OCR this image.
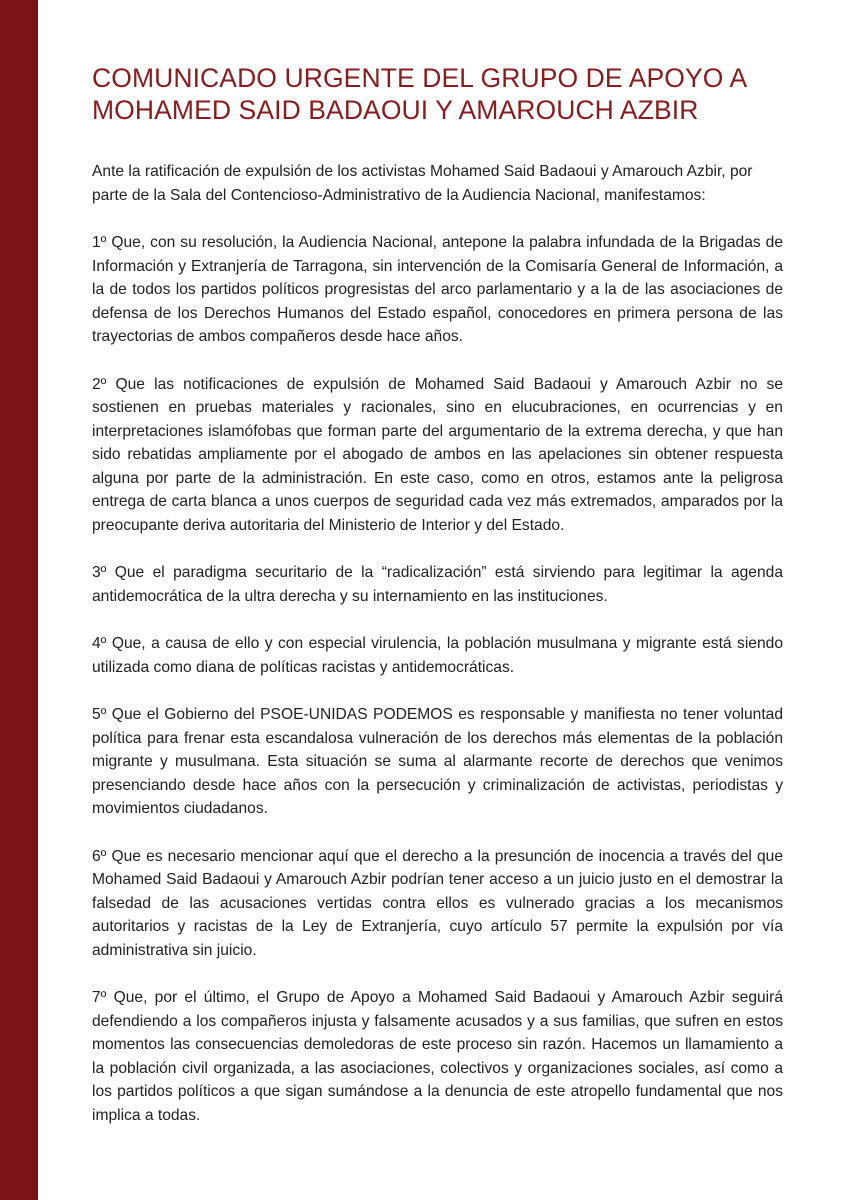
COMUNICADO URGENTE DEL GRUPO DE APOYO A MOHAMED SAID BADAOUI Y AMAROUCH AZBIR

Ante la ratificación de expulsión de los activistas Mohamed Said Badaoui y Amarouch Azbir, por parte de la Sala del Contencioso-Administrativo de la Audiencia Nacional, manifestamos:

1º Que, con su resolución, la Audiencia Nacional, antepone la palabra infundada de la Brigadas de Información y Extranjería de Tarragona, sin intervención de la Comisaría General de Información, a la de todos los partidos políticos progresistas del arco parlamentario y a la de las asociaciones de defensa de los Derechos Humanos del Estado español, conocedores en primera persona de las trayectorias de ambos compañeros desde hace años.

2º Que las notificaciones de expulsión de Mohamed Said Badaoui y Amarouch Azbir no se sostienen en pruebas materiales y racionales, sino en elucubraciones, en ocurrencias y en interpretaciones islamófobas que forman parte del argumentario de la extrema derecha, y que han sido rebatidas ampliamente por el abogado de ambos en las apelaciones sin obtener respuesta alguna por parte de la administración. En este caso, como en otros, estamos ante la peligrosa entrega de carta blanca a unos cuerpos de seguridad cada vez más extremados, amparados por la preocupante deriva autoritaria del Ministerio de Interior y del Estado.

3º Que el paradigma securitario de la “radicalización” está sirviendo para legitimar la agenda antidemocrática de la ultra derecha y su internamiento en las instituciones.

4º Que, a causa de ello y con especial virulencia, la población musulmana y migrante está siendo utilizada como diana de políticas racistas y antidemocráticas.

5º Que el Gobierno del PSOE-UNIDAS PODEMOS es responsable y manifiesta no tener voluntad política para frenar esta escandalosa vulneración de los derechos más elementas de la población migrante y musulmana. Esta situación se suma al alarmante recorte de derechos que venimos presenciando desde hace años con la persecución y criminalización de activistas, periodistas y movimientos ciudadanos.

6º Que es necesario mencionar aquí que el derecho a la presunción de inocencia a través del que Mohamed Said Badaoui y Amarouch Azbir podrían tener acceso a un juicio justo en el demostrar la falsedad de las acusaciones vertidas contra ellos es vulnerado gracias a los mecanismos autoritarios y racistas de la Ley de Extranjería, cuyo artículo 57 permite la expulsión por vía administrativa sin juicio.

7º Que, por el último, el Grupo de Apoyo a Mohamed Said Badaoui y Amarouch Azbir seguirá defendiendo a los compañeros injusta y falsamente acusados y a sus familias, que sufren en estos momentos las consecuencias demoledoras de este proceso sin razón. Hacemos un llamamiento a la población civil organizada, a las asociaciones, colectivos y organizaciones sociales, así como a los partidos políticos a que sigan sumándose a la denuncia de este atropello fundamental que nos implica a todas.
